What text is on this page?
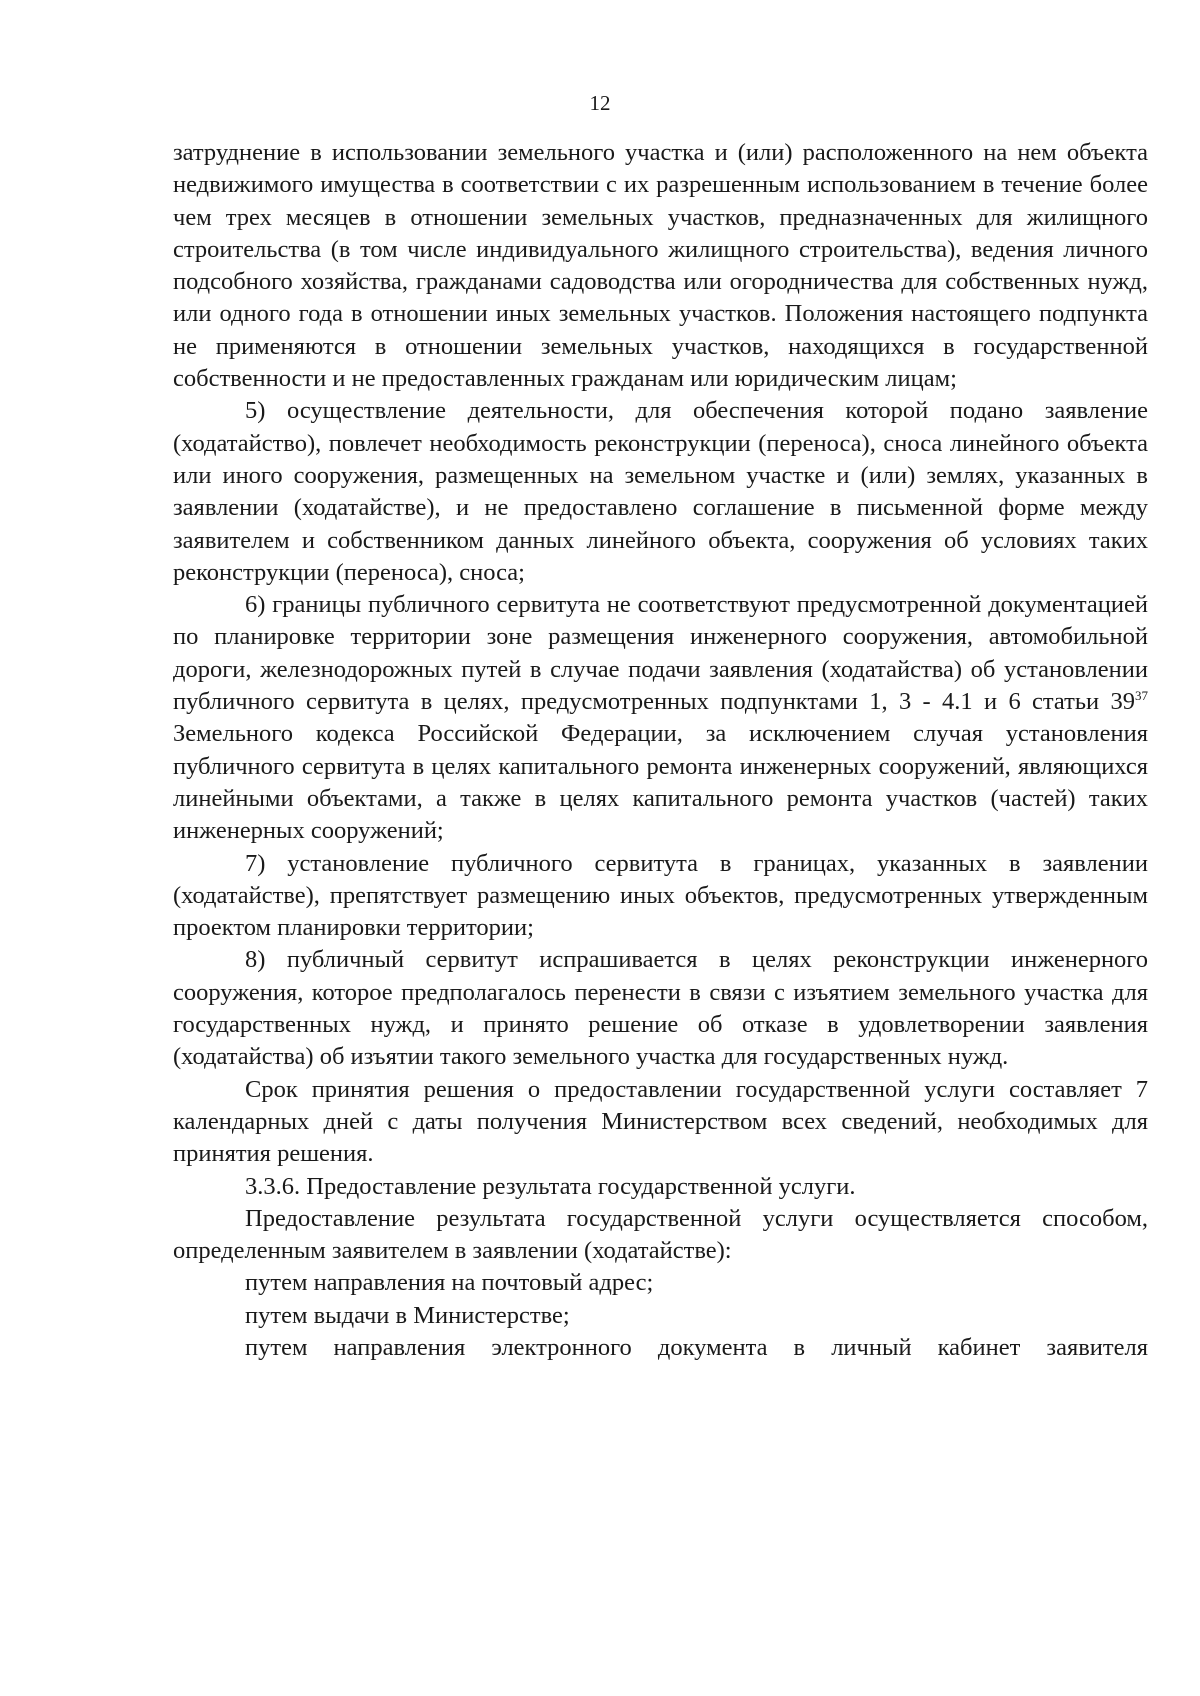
12

затруднение в использовании земельного участка и (или) расположенного на нем объекта недвижимого имущества в соответствии с их разрешенным использованием в течение более чем трех месяцев в отношении земельных участков, предназначенных для жилищного строительства (в том числе индивидуального жилищного строительства), ведения личного подсобного хозяйства, гражданами садоводства или огородничества для собственных нужд, или одного года в отношении иных земельных участков. Положения настоящего подпункта не применяются в отношении земельных участков, находящихся в государственной собственности и не предоставленных гражданам или юридическим лицам;

5) осуществление деятельности, для обеспечения которой подано заявление (ходатайство), повлечет необходимость реконструкции (переноса), сноса линейного объекта или иного сооружения, размещенных на земельном участке и (или) землях, указанных в заявлении (ходатайстве), и не предоставлено соглашение в письменной форме между заявителем и собственником данных линейного объекта, сооружения об условиях таких реконструкции (переноса), сноса;

6) границы публичного сервитута не соответствуют предусмотренной документацией по планировке территории зоне размещения инженерного сооружения, автомобильной дороги, железнодорожных путей в случае подачи заявления (ходатайства) об установлении публичного сервитута в целях, предусмотренных подпунктами 1, 3 - 4.1 и 6 статьи $39^{37}$ Земельного кодекса Российской Федерации, за исключением случая установления публичного сервитута в целях капитального ремонта инженерных сооружений, являющихся линейными объектами, а также в целях капитального ремонта участков (частей) таких инженерных сооружений;

7) установление публичного сервитута в границах, указанных в заявлении (ходатайстве), препятствует размещению иных объектов, предусмотренных утвержденным проектом планировки территории;

8) публичный сервитут испрашивается в целях реконструкции инженерного сооружения, которое предполагалось перенести в связи с изъятием земельного участка для государственных нужд, и принято решение об отказе в удовлетворении заявления (ходатайства) об изъятии такого земельного участка для государственных нужд.

Срок принятия решения о предоставлении государственной услуги составляет 7 календарных дней с даты получения Министерством всех сведений, необходимых для принятия решения.

3.3.6. Предоставление результата государственной услуги.

Предоставление результата государственной услуги осуществляется способом, определенным заявителем в заявлении (ходатайстве):

путем направления на почтовый адрес;

путем выдачи в Министерстве;

путем направления электронного документа в личный кабинет заявителя
